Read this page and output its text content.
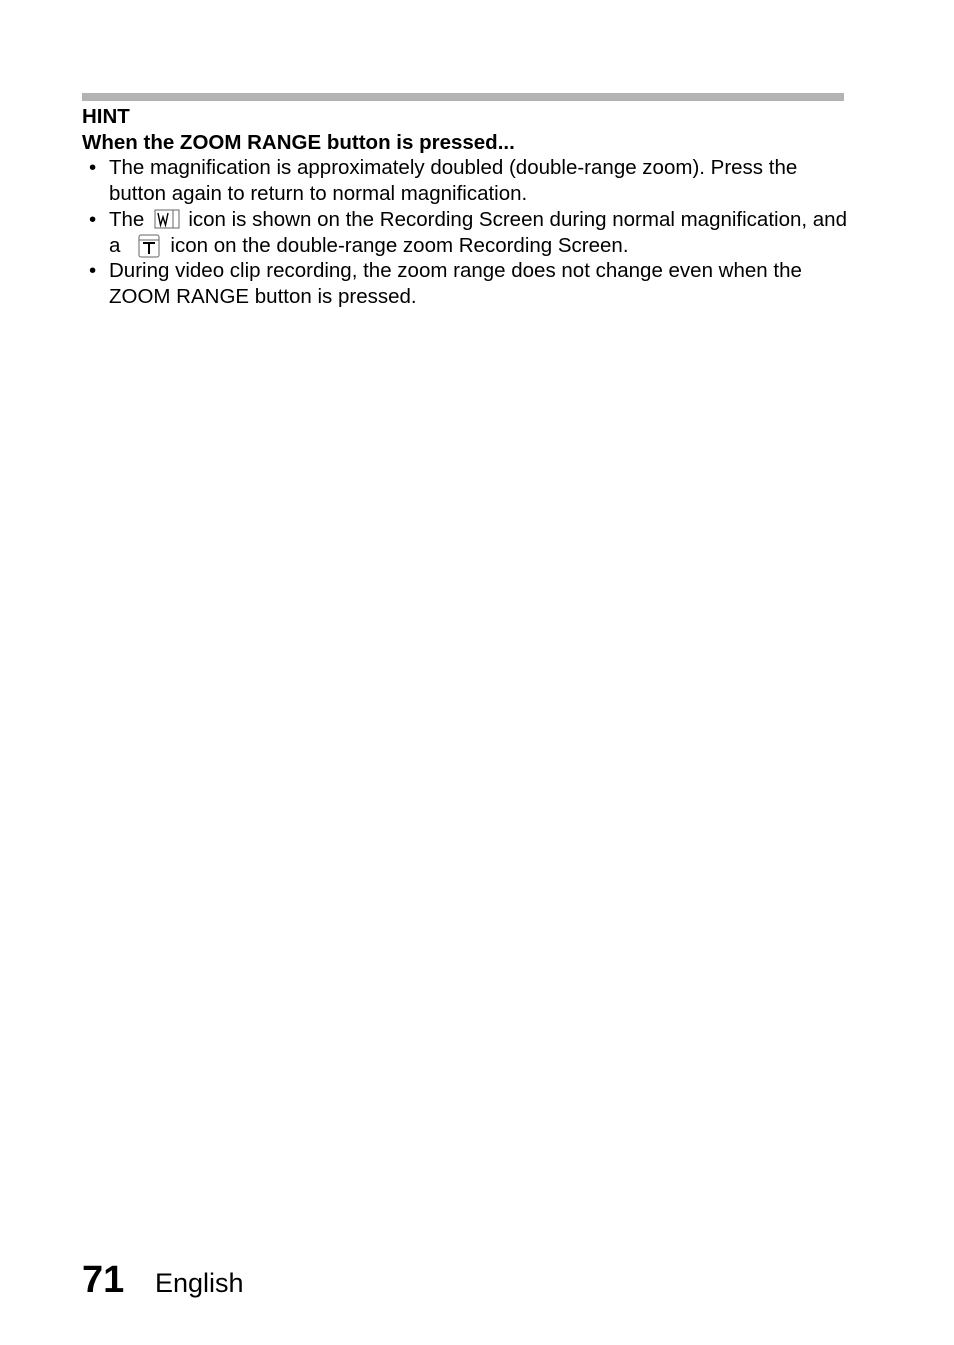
HINT
When the ZOOM RANGE button is pressed...
• The magnification is approximately doubled (double-range zoom). Press the button again to return to normal magnification.
• The icon is shown on the Recording Screen during normal magnification, and a icon on the double-range zoom Recording Screen.
• During video clip recording, the zoom range does not change even when the ZOOM RANGE button is pressed.
71 English
